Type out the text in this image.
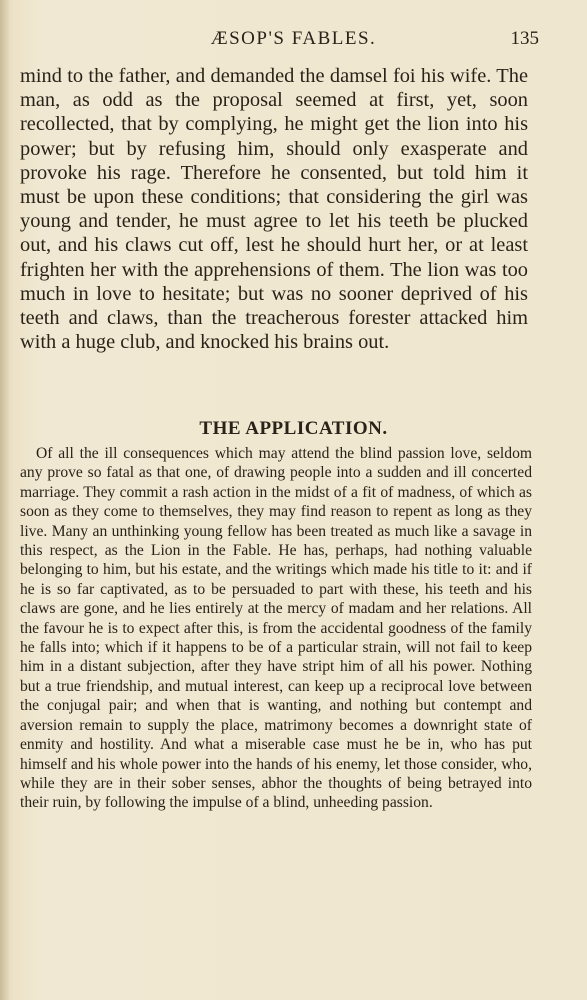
ÆSOP'S FABLES.	135

mind to the father, and demanded the damsel foi his wife. The man, as odd as the proposal seemed at first, yet, soon recollected, that by complying, he might get the lion into his power; but by refusing him, should only exasperate and provoke his rage. Therefore he consented, but told him it must be upon these conditions; that considering the girl was young and tender, he must agree to let his teeth be plucked out, and his claws cut off, lest he should hurt her, or at least frighten her with the apprehensions of them. The lion was too much in love to hesitate; but was no sooner deprived of his teeth and claws, than the treacherous forester attacked him with a huge club, and knocked his brains out.

THE APPLICATION.

Of all the ill consequences which may attend the blind passion love, seldom any prove so fatal as that one, of drawing people into a sudden and ill concerted marriage. They commit a rash action in the midst of a fit of madness, of which as soon as they come to themselves, they may find reason to repent as long as they live. Many an unthinking young fellow has been treated as much like a savage in this respect, as the Lion in the Fable. He has, perhaps, had nothing valuable belonging to him, but his estate, and the writings which made his title to it: and if he is so far captivated, as to be persuaded to part with these, his teeth and his claws are gone, and he lies entirely at the mercy of madam and her relations. All the favour he is to expect after this, is from the accidental goodness of the family he falls into; which if it happens to be of a particular strain, will not fail to keep him in a distant subjection, after they have stript him of all his power. Nothing but a true friendship, and mutual interest, can keep up a reciprocal love between the conjugal pair; and when that is wanting, and nothing but contempt and aversion remain to supply the place, matrimony becomes a downright state of enmity and hostility. And what a miserable case must he be in, who has put himself and his whole power into the hands of his enemy, let those consider, who, while they are in their sober senses, abhor the thoughts of being betrayed into their ruin, by following the impulse of a blind, unheeding passion.
